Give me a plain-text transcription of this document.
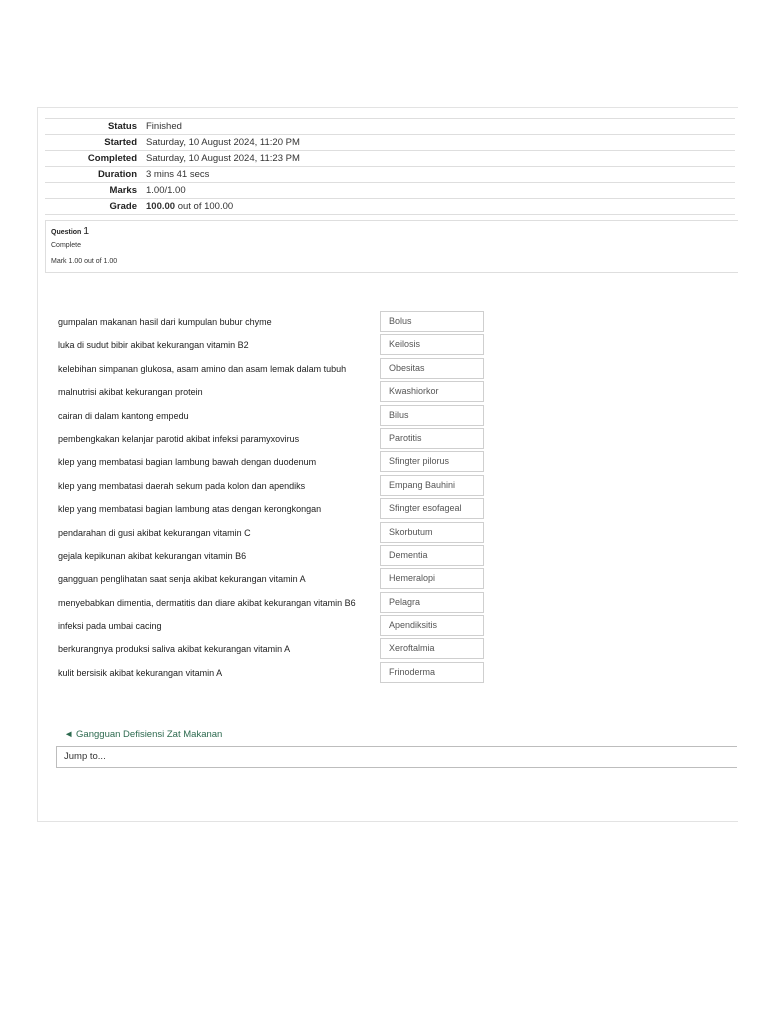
Status	Finished
Started	Saturday, 10 August 2024, 11:20 PM
Completed	Saturday, 10 August 2024, 11:23 PM
Duration	3 mins 41 secs
Marks	1.00/1.00
Grade	100.00 out of 100.00
Question 1
Complete
Mark 1.00 out of 1.00
gumpalan makanan hasil dari kumpulan bubur chyme	Bolus
luka di sudut bibir akibat kekurangan vitamin B2	Keilosis
kelebihan simpanan glukosa, asam amino dan asam lemak dalam tubuh	Obesitas
malnutrisi akibat kekurangan protein	Kwashiorkor
cairan di dalam kantong empedu	Bilus
pembengkakan kelanjar parotid akibat infeksi paramyxovirus	Parotitis
klep yang membatasi bagian lambung bawah dengan duodenum	Sfingter pilorus
klep yang membatasi daerah sekum pada kolon dan apendiks	Empang Bauhini
klep yang membatasi bagian lambung atas dengan kerongkongan	Sfingter esofageal
pendarahan di gusi akibat kekurangan vitamin C	Skorbutum
gejala kepikunan akibat kekurangan vitamin B6	Dementia
gangguan penglihatan saat senja akibat kekurangan vitamin A	Hemeralopi
menyebabkan dimentia, dermatitis dan diare akibat kekurangan vitamin B6	Pelagra
infeksi pada umbai cacing	Apendiksitis
berkurangnya produksi saliva akibat kekurangan vitamin A	Xeroftalmia
kulit bersisik akibat kekurangan vitamin A	Frinoderma
◄ Gangguan Defisiensi Zat Makanan
Jump to...
